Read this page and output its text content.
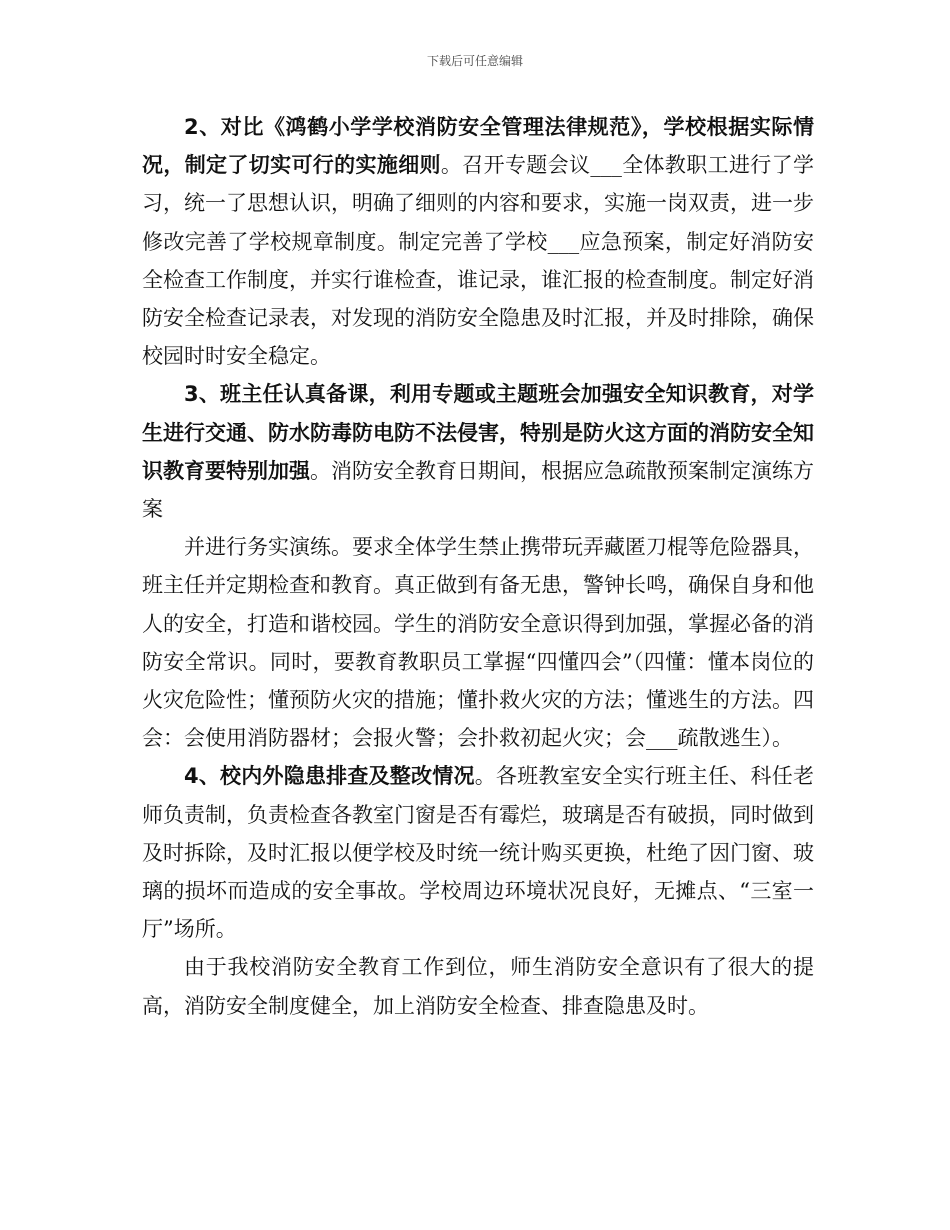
下载后可任意编辑

2、对比《鸿鹤小学学校消防安全管理法律规范》，学校根据实际情况，制定了切实可行的实施细则。召开专题会议___全体教职工进行了学习，统一了思想认识，明确了细则的内容和要求，实施一岗双责，进一步修改完善了学校规章制度。制定完善了学校___应急预案，制定好消防安全检查工作制度，并实行谁检查，谁记录，谁汇报的检查制度。制定好消防安全检查记录表，对发现的消防安全隐患及时汇报，并及时排除，确保校园时时安全稳定。

3、班主任认真备课，利用专题或主题班会加强安全知识教育，对学生进行交通、防水防毒防电防不法侵害，特别是防火这方面的消防安全知识教育要特别加强。消防安全教育日期间，根据应急疏散预案制定演练方案

并进行务实演练。要求全体学生禁止携带玩弄藏匿刀棍等危险器具，班主任并定期检查和教育。真正做到有备无患，警钟长鸣，确保自身和他人的安全，打造和谐校园。学生的消防安全意识得到加强，掌握必备的消防安全常识。同时，要教育教职员工掌握“四懂四会”（四懂：懂本岗位的火灾危险性；懂预防火灾的措施；懂扑救火灾的方法；懂逃生的方法。四会：会使用消防器材；会报火警；会扑救初起火灾；会___疏散逃生）。

4、校内外隐患排查及整改情况。各班教室安全实行班主任、科任老师负责制，负责检查各教室门窗是否有霉烂，玻璃是否有破损，同时做到及时拆除，及时汇报以便学校及时统一统计购买更换，杜绝了因门窗、玻璃的损坏而造成的安全事故。学校周边环境状况良好，无摊点、“三室一厅”场所。

由于我校消防安全教育工作到位，师生消防安全意识有了很大的提高，消防安全制度健全，加上消防安全检查、排查隐患及时。
